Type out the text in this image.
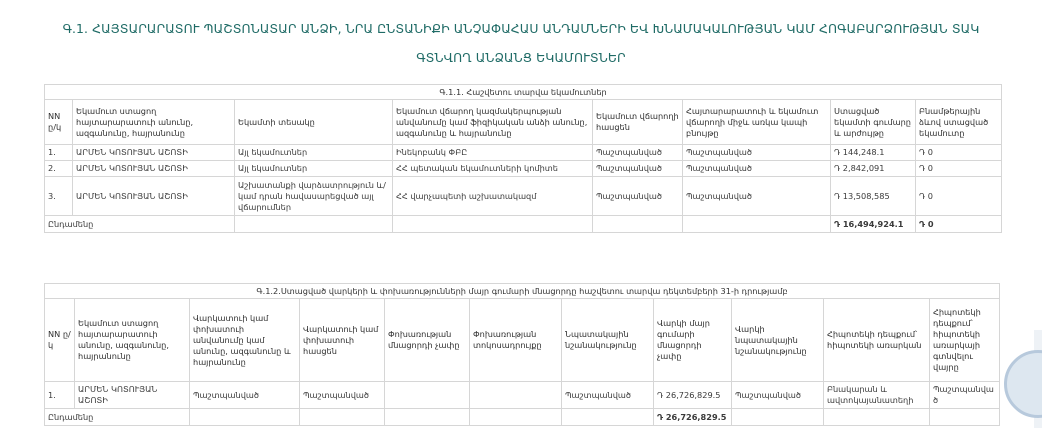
Գ.1. ՀԱՅՏԱՐԱՐԱՏՈՒ ՊԱՇՏՈՆԱՏԱՐ ԱՆՁԻ, ՆՐԱ ԸՆՏԱՆԻՔԻ ԱՆՉԱՓԱՀԱՍ ԱՆԴԱՄՆԵՐԻ ԵՎ ԽՆԱՄԱԿԱԼՈՒԹՅԱՆ ԿԱՄ ՀՈԳԱԲԱՐՁՈՒԹՅԱՆ ՏԱԿ ԳՏՆՎՈՂ ԱՆՁԱՆՑ ԵԿԱՄՈՒՏՆԵՐ
Գ.1.1. Հաշվետու տարվա եկամուտներ							
NN ը/կ	Եկամուտ ստացող հայտարարատուի անունը, ազգանունը, հայրանունը	Եկամտի տեսակը	Եկամուտ վճարող կազմակերպության անվանումը կամ ֆիզիկական անձի անունը, ազգանունը և հայրանունը	Եկամուտ վճարողի հասցեն	Հայտարարատուի և եկամուտ վճարողի միջև առկա կապի բնույթը	Ստացված եկամտի գումարը և արժույթը	Բնամթերային ձևով ստացված եկամուտը
1.	ԱՐՄԵՆ ԿՈՏՈՒՅԱՆ ԱՇՈՏԻ	Այլ եկամուտներ	Ինեկոբանկ ՓԲԸ	Պաշտպանված	Պաշտպանված	Դ 144,248.1	Դ 0
2.	ԱՐՄԵՆ ԿՈՏՈՒՅԱՆ ԱՇՈՏԻ	Այլ եկամուտներ	ՀՀ պետական եկամուտների կոմիտե	Պաշտպանված	Պաշտպանված	Դ 2,842,091	Դ 0
3.	ԱՐՄԵՆ ԿՈՏՈՒՅԱՆ ԱՇՈՏԻ	Աշխատանքի վարձատրություն և/կամ դրան հավասարեցված այլ վճարումներ	ՀՀ վարչապետի աշխատակազմ	Պաշտպանված	Պաշտպանված	Դ 13,508,585	Դ 0
Ընդամենը						Դ 16,494,924.1	Դ 0
Գ.1.2.Ստացված վարկերի և փոխառությունների մայր գումարի մնացորդը հաշվետու տարվա դեկտեմբերի 31-ի դրությամբ										
NN ը/կ	Եկամուտ ստացող հայտարարատուի անունը, ազգանունը, հայրանունը	Վարկատուի կամ փոխատուի անվանումը կամ անունը, ազգանունը և հայրանունը	Վարկատուի կամ փոխատուի հասցեն	Փոխառության մնացորդի չափը	Փոխառության տոկոսադրույքը	Նպատակային նշանակությունը	Վարկի մայր գումարի մնացորդի չափը	Վարկի նպատակային նշանակությունը	Հիպոտեկի դեպքում՝ հիպոտեկի առարկան	Հիպոտեկի դեպքում՝ հիպոտեկի առարկայի գտնվելու վայրը
1.	ԱՐՄԵՆ ԿՈՏՈՒՅԱՆ ԱՇՈՏԻ	Պաշտպանված	Պաշտպանված			Պաշտպանված	Դ 26,726,829.5	Պաշտպանված	Բնակարան և ավտոկայանատեղի	Պաշտպանված
Ընդամենը							Դ 26,726,829.5			
